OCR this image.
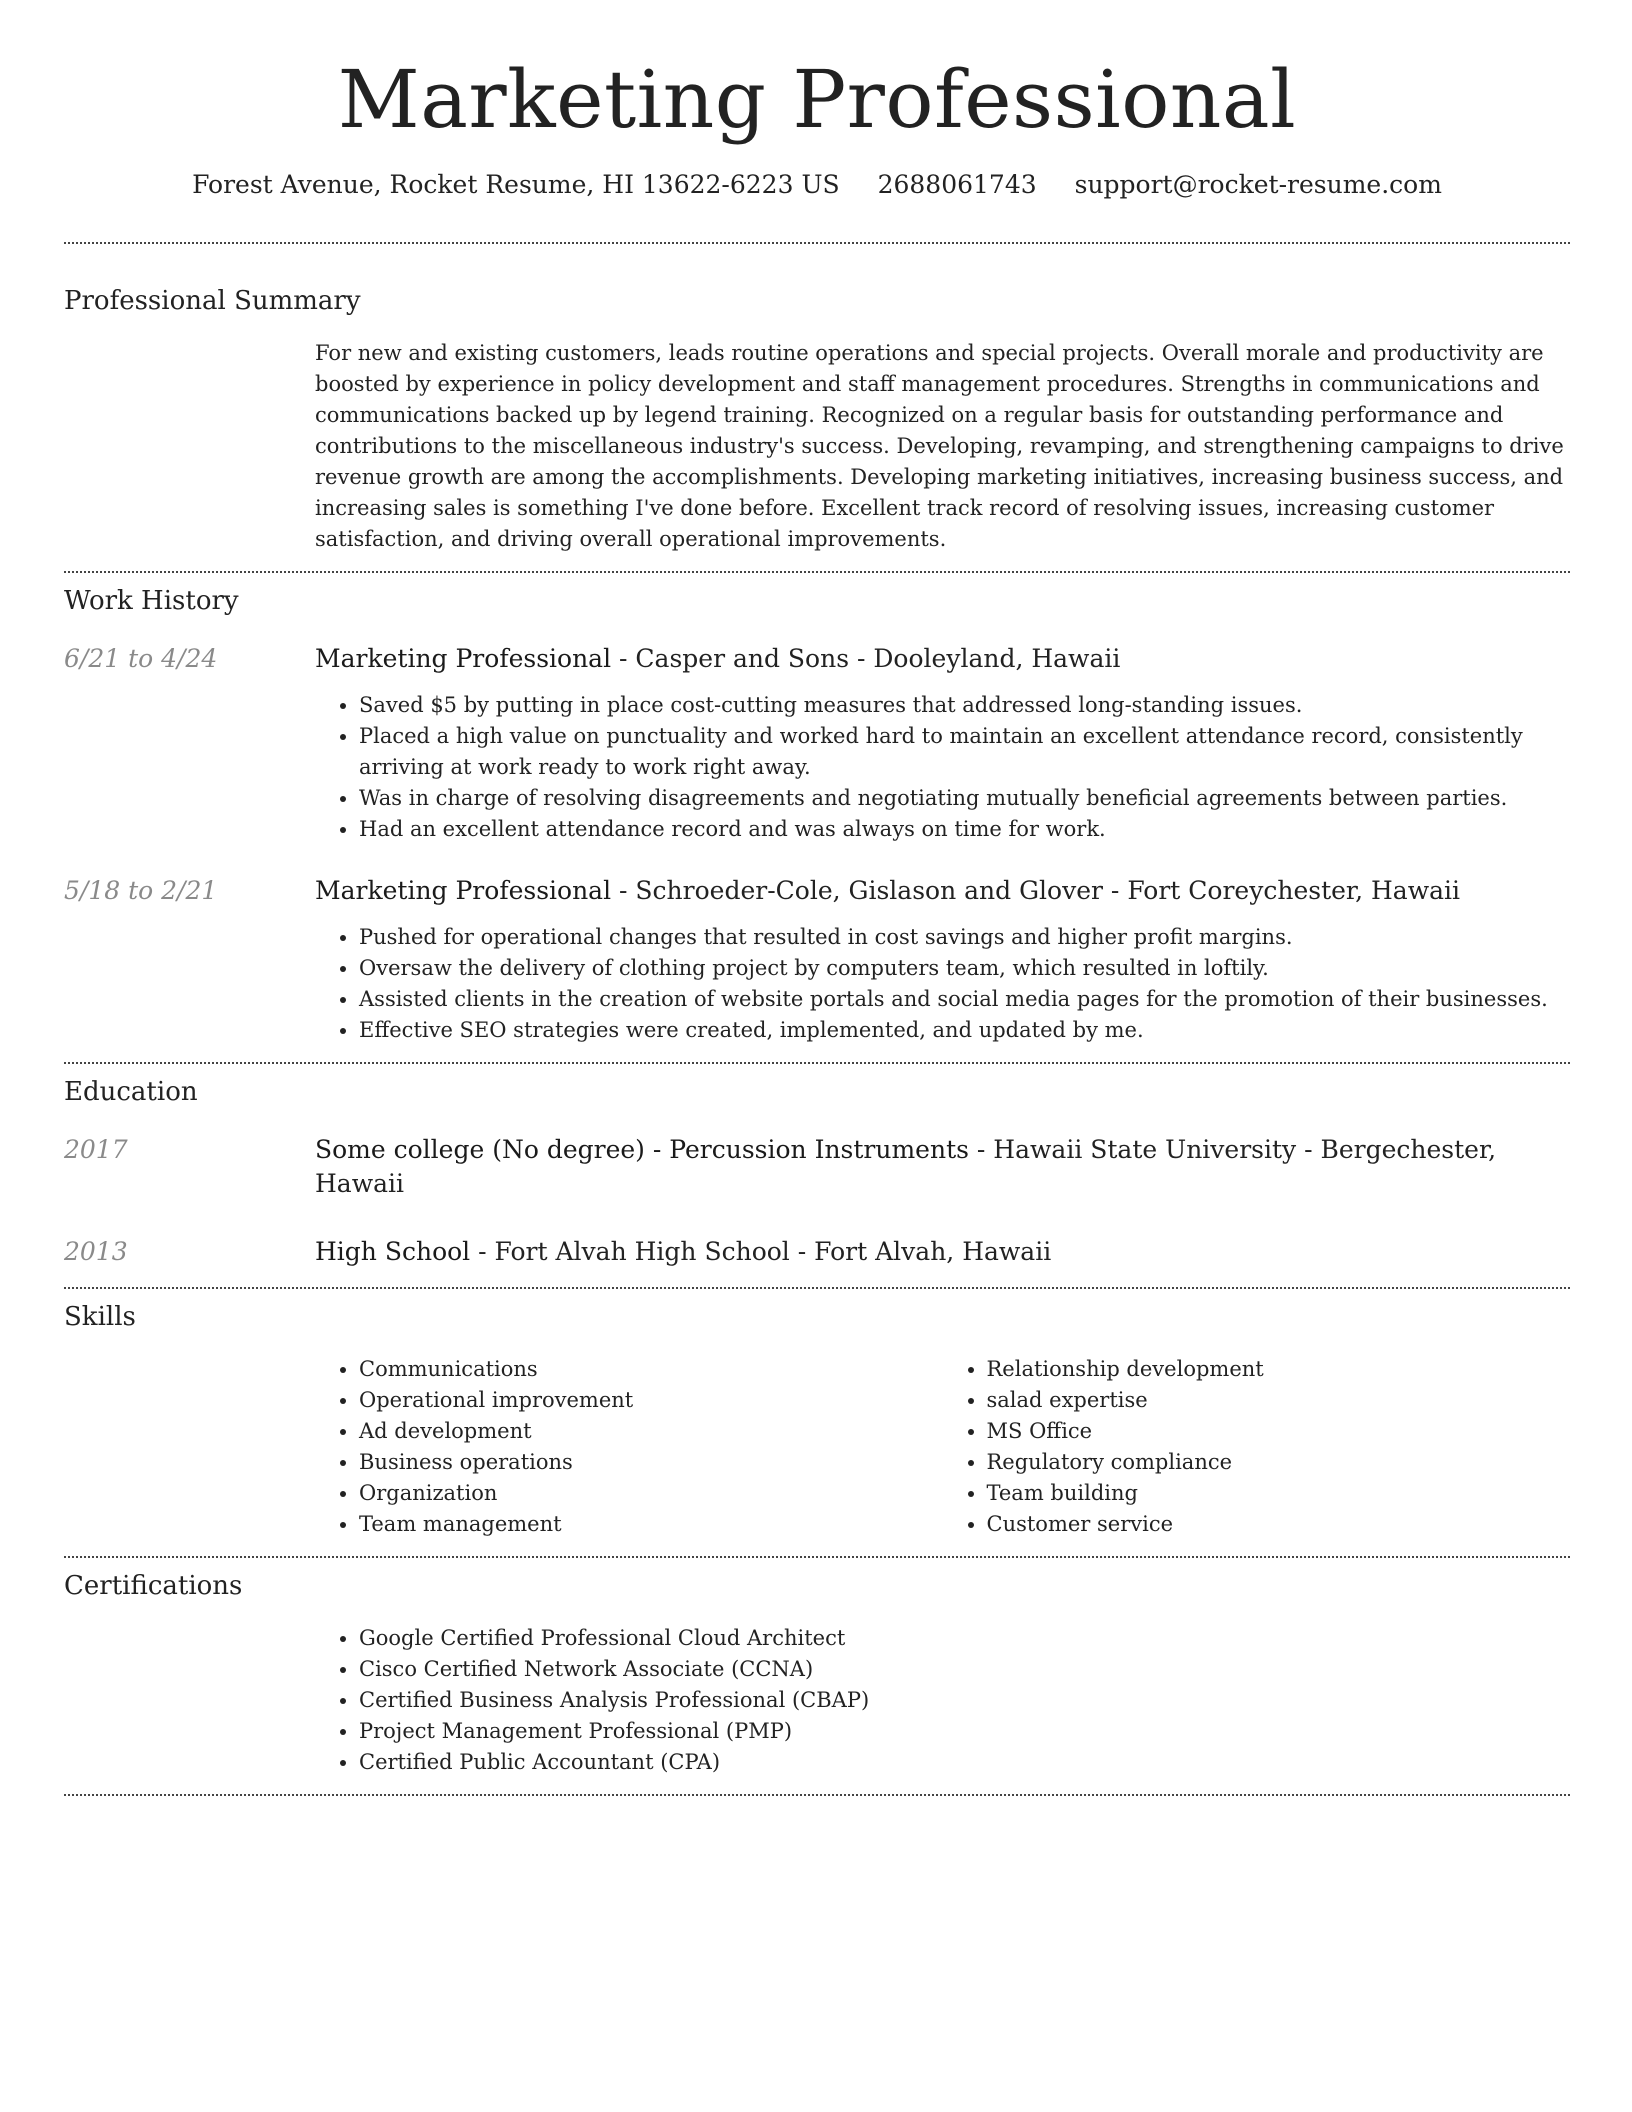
Marketing Professional
Forest Avenue, Rocket Resume, HI 13622-6223 US 2688061743 support@rocket-resume.com
Professional Summary
For new and existing customers, leads routine operations and special projects. Overall morale and productivity are boosted by experience in policy development and staff management procedures. Strengths in communications and communications backed up by legend training. Recognized on a regular basis for outstanding performance and contributions to the miscellaneous industry's success. Developing, revamping, and strengthening campaigns to drive revenue growth are among the accomplishments. Developing marketing initiatives, increasing business success, and increasing sales is something I've done before. Excellent track record of resolving issues, increasing customer satisfaction, and driving overall operational improvements.
Work History
6/21 to 4/24	Marketing Professional - Casper and Sons - Dooleyland, Hawaii
• Saved $5 by putting in place cost-cutting measures that addressed long-standing issues.
• Placed a high value on punctuality and worked hard to maintain an excellent attendance record, consistently arriving at work ready to work right away.
• Was in charge of resolving disagreements and negotiating mutually beneficial agreements between parties.
• Had an excellent attendance record and was always on time for work.
5/18 to 2/21	Marketing Professional - Schroeder-Cole, Gislason and Glover - Fort Coreychester, Hawaii
• Pushed for operational changes that resulted in cost savings and higher profit margins.
• Oversaw the delivery of clothing project by computers team, which resulted in loftily.
• Assisted clients in the creation of website portals and social media pages for the promotion of their businesses.
• Effective SEO strategies were created, implemented, and updated by me.
Education
2017	Some college (No degree) - Percussion Instruments - Hawaii State University - Bergechester, Hawaii
2013	High School - Fort Alvah High School - Fort Alvah, Hawaii
Skills
• Communications
• Operational improvement
• Ad development
• Business operations
• Organization
• Team management
• Relationship development
• salad expertise
• MS Office
• Regulatory compliance
• Team building
• Customer service
Certifications
• Google Certified Professional Cloud Architect
• Cisco Certified Network Associate (CCNA)
• Certified Business Analysis Professional (CBAP)
• Project Management Professional (PMP)
• Certified Public Accountant (CPA)
